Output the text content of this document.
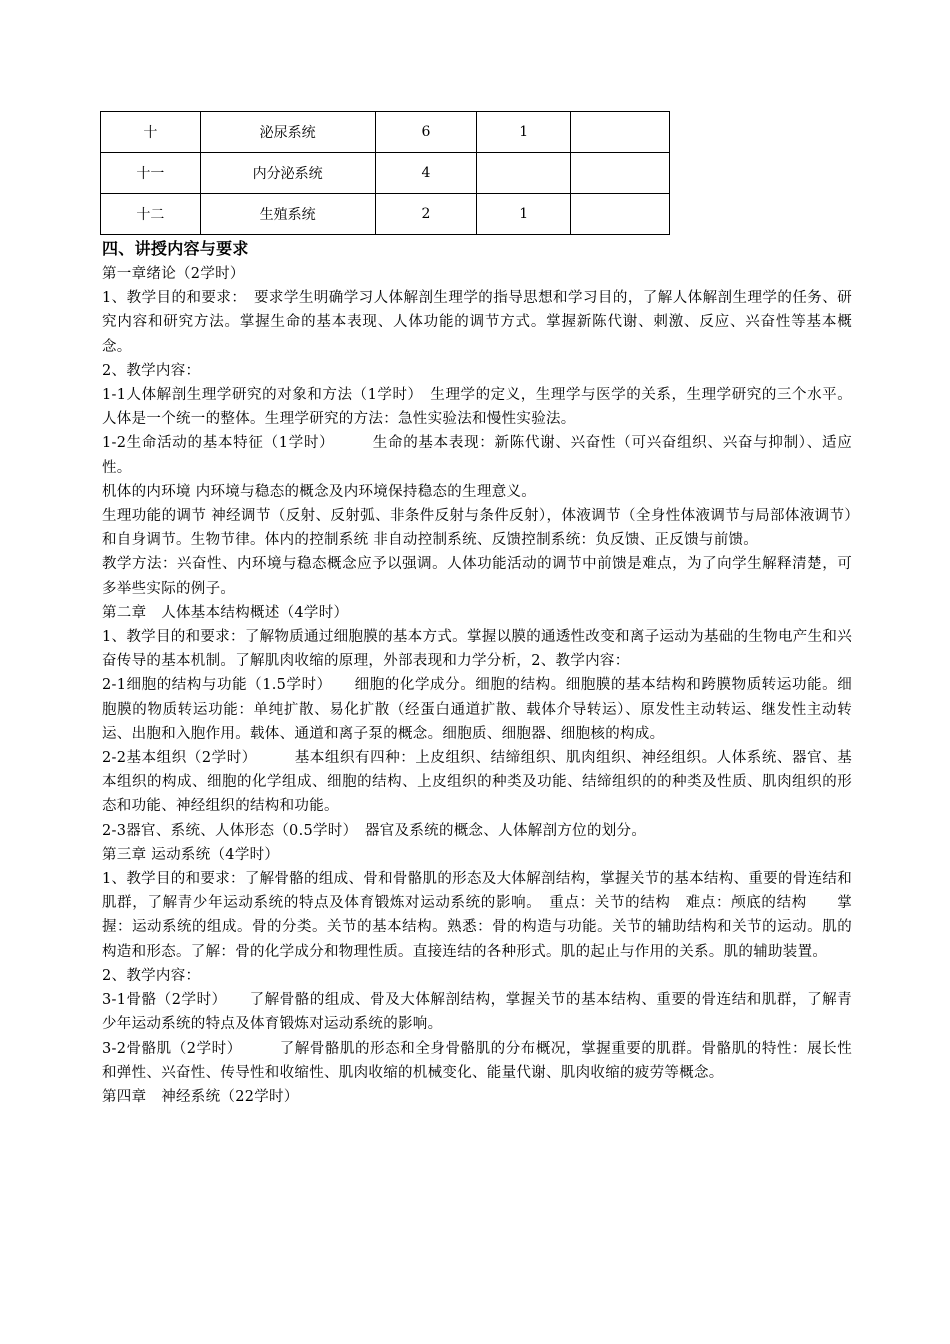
十	泌尿系统	6	1	
十一	内分泌系统	4		
十二	生殖系统	2	1	
四、讲授内容与要求

第一章绪论（2学时）

1、教学目的和要求：　要求学生明确学习人体解剖生理学的指导思想和学习目的，了解人体解剖生理学的任务、研究内容和研究方法。掌握生命的基本表现、人体功能的调节方式。掌握新陈代谢、刺激、反应、兴奋性等基本概念。

2、教学内容：

1-1人体解剖生理学研究的对象和方法（1学时）　生理学的定义，生理学与医学的关系，生理学研究的三个水平。人体是一个统一的整体。生理学研究的方法：急性实验法和慢性实验法。

1-2生命活动的基本特征（1学时）　　　生命的基本表现：新陈代谢、兴奋性（可兴奋组织、兴奋与抑制）、适应性。

机体的内环境 内环境与稳态的概念及内环境保持稳态的生理意义。

生理功能的调节 神经调节（反射、反射弧、非条件反射与条件反射），体液调节（全身性体液调节与局部体液调节）和自身调节。生物节律。体内的控制系统 非自动控制系统、反馈控制系统：负反馈、正反馈与前馈。

教学方法：兴奋性、内环境与稳态概念应予以强调。人体功能活动的调节中前馈是难点，为了向学生解释清楚，可多举些实际的例子。

第二章　人体基本结构概述（4学时）

1、教学目的和要求：了解物质通过细胞膜的基本方式。掌握以膜的通透性改变和离子运动为基础的生物电产生和兴奋传导的基本机制。了解肌肉收缩的原理，外部表现和力学分析，2、教学内容：

2-1细胞的结构与功能（1.5学时）　　细胞的化学成分。细胞的结构。细胞膜的基本结构和跨膜物质转运功能。细胞膜的物质转运功能：单纯扩散、易化扩散（经蛋白通道扩散、载体介导转运）、原发性主动转运、继发性主动转运、出胞和入胞作用。载体、通道和离子泵的概念。细胞质、细胞器、细胞核的构成。

2-2基本组织（2学时）　　　基本组织有四种：上皮组织、结缔组织、肌肉组织、神经组织。人体系统、器官、基本组织的构成、细胞的化学组成、细胞的结构、上皮组织的种类及功能、结缔组织的的种类及性质、肌肉组织的形态和功能、神经组织的结构和功能。

2-3器官、系统、人体形态（0.5学时）　器官及系统的概念、人体解剖方位的划分。

第三章 运动系统（4学时）

1、教学目的和要求：了解骨骼的组成、骨和骨骼肌的形态及大体解剖结构，掌握关节的基本结构、重要的骨连结和肌群，了解青少年运动系统的特点及体育锻炼对运动系统的影响。　重点：关节的结构　难点：颅底的结构　　掌握：运动系统的组成。骨的分类。关节的基本结构。熟悉：骨的构造与功能。关节的辅助结构和关节的运动。肌的构造和形态。了解：骨的化学成分和物理性质。直接连结的各种形式。肌的起止与作用的关系。肌的辅助装置。

2、教学内容：

3-1骨骼（2学时）　　了解骨骼的组成、骨及大体解剖结构，掌握关节的基本结构、重要的骨连结和肌群，了解青少年运动系统的特点及体育锻炼对运动系统的影响。

3-2骨骼肌（2学时）　　　了解骨骼肌的形态和全身骨骼肌的分布概况，掌握重要的肌群。骨骼肌的特性：展长性和弹性、兴奋性、传导性和收缩性、肌肉收缩的机械变化、能量代谢、肌肉收缩的疲劳等概念。

第四章　神经系统（22学时）
